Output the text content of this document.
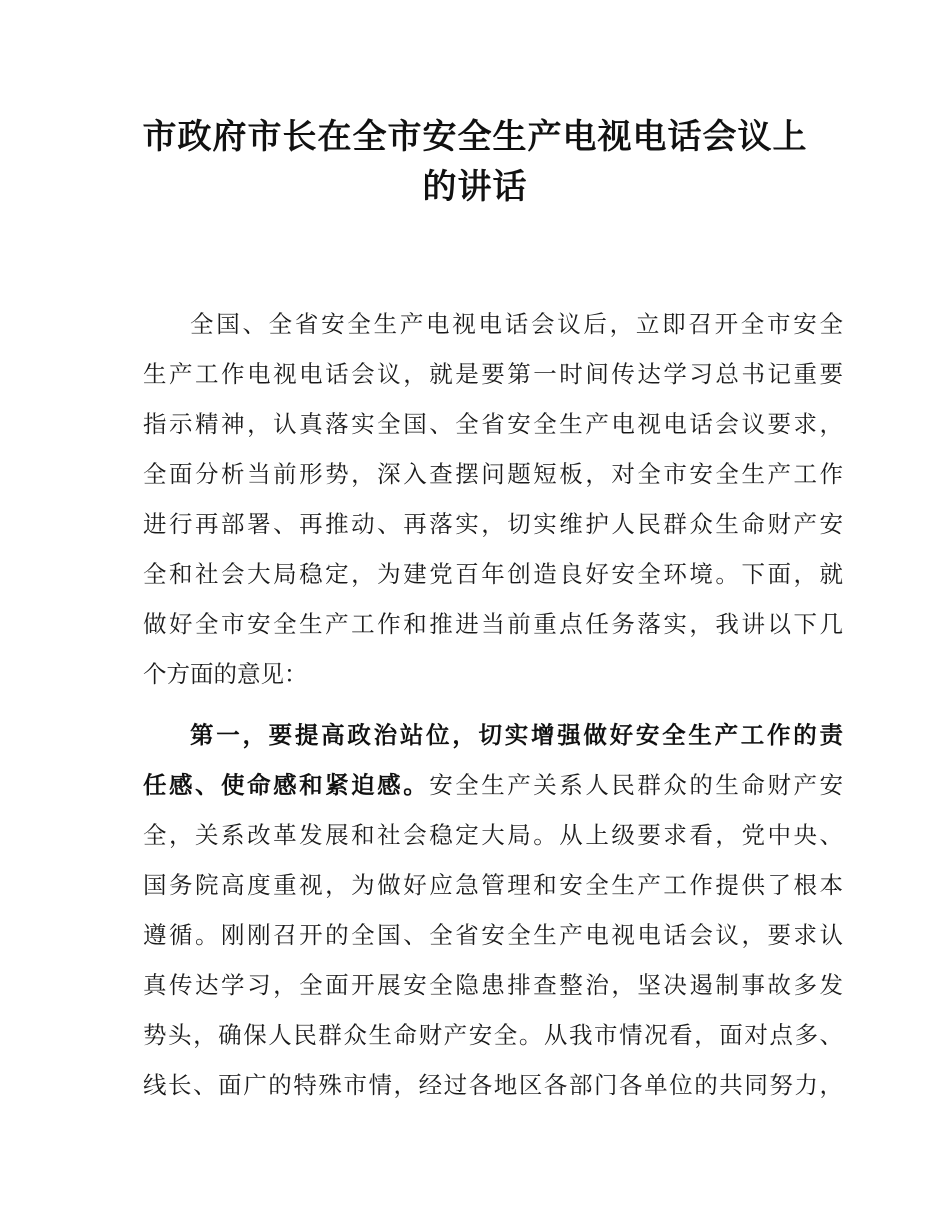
市政府市长在全市安全生产电视电话会议上
的讲话
全国、全省安全生产电视电话会议后，立即召开全市安全
生产工作电视电话会议，就是要第一时间传达学习总书记重要
指示精神，认真落实全国、全省安全生产电视电话会议要求，
全面分析当前形势，深入查摆问题短板，对全市安全生产工作
进行再部署、再推动、再落实，切实维护人民群众生命财产安
全和社会大局稳定，为建党百年创造良好安全环境。下面，就
做好全市安全生产工作和推进当前重点任务落实，我讲以下几
个方面的意见：
第一，要提高政治站位，切实增强做好安全生产工作的责
任感、使命感和紧迫感。安全生产关系人民群众的生命财产安
全，关系改革发展和社会稳定大局。从上级要求看，党中央、
国务院高度重视，为做好应急管理和安全生产工作提供了根本
遵循。刚刚召开的全国、全省安全生产电视电话会议，要求认
真传达学习，全面开展安全隐患排查整治，坚决遏制事故多发
势头，确保人民群众生命财产安全。从我市情况看，面对点多、
线长、面广的特殊市情，经过各地区各部门各单位的共同努力，
